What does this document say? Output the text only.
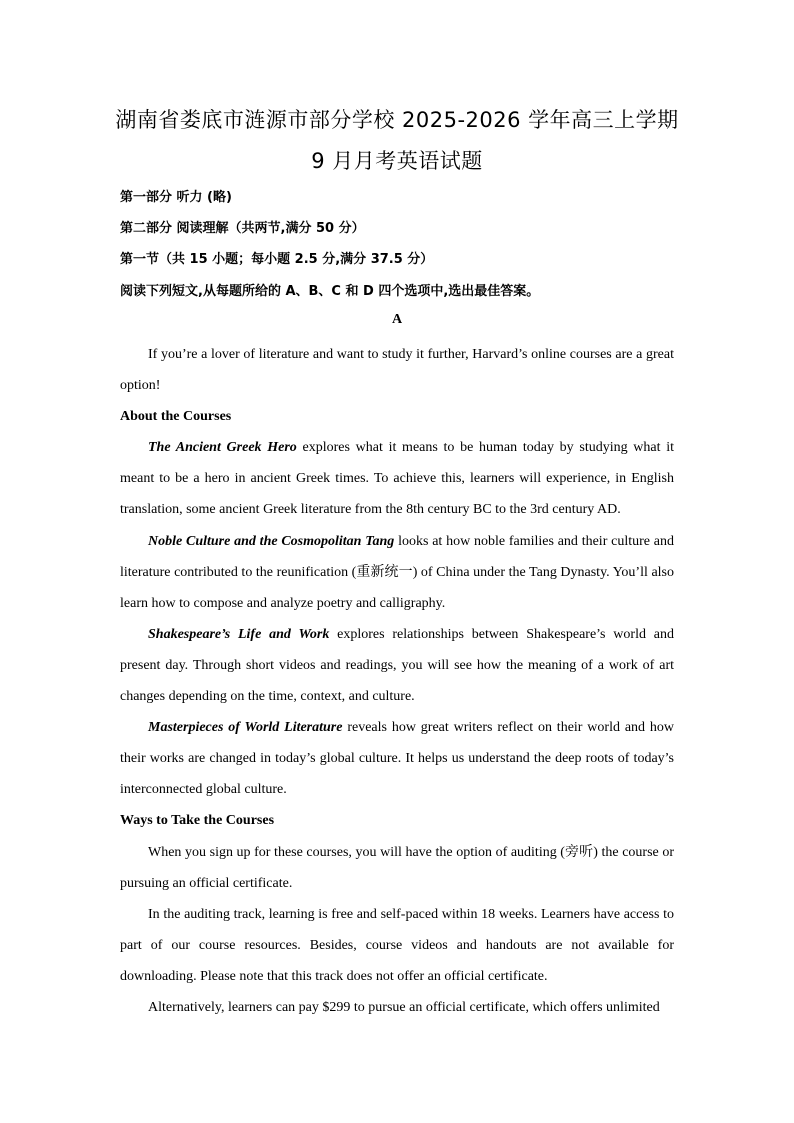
湖南省娄底市涟源市部分学校 2025-2026 学年高三上学期
9 月月考英语试题
第一部分 听力 (略)
第二部分 阅读理解（共两节,满分 50 分）
第一节（共 15 小题；每小题 2.5 分,满分 37.5 分）
阅读下列短文,从每题所给的 A、B、C 和 D 四个选项中,选出最佳答案。
A

If you’re a lover of literature and want to study it further, Harvard’s online courses are a great option!

About the Courses

The Ancient Greek Hero explores what it means to be human today by studying what it meant to be a hero in ancient Greek times. To achieve this, learners will experience, in English translation, some ancient Greek literature from the 8th century BC to the 3rd century AD.

Noble Culture and the Cosmopolitan Tang looks at how noble families and their culture and literature contributed to the reunification (重新统一) of China under the Tang Dynasty. You’ll also learn how to compose and analyze poetry and calligraphy.

Shakespeare’s Life and Work explores relationships between Shakespeare’s world and present day. Through short videos and readings, you will see how the meaning of a work of art changes depending on the time, context, and culture.

Masterpieces of World Literature reveals how great writers reflect on their world and how their works are changed in today’s global culture. It helps us understand the deep roots of today’s interconnected global culture.

Ways to Take the Courses

When you sign up for these courses, you will have the option of auditing (旁听) the course or pursuing an official certificate.

In the auditing track, learning is free and self-paced within 18 weeks. Learners have access to part of our course resources. Besides, course videos and handouts are not available for downloading. Please note that this track does not offer an official certificate.

Alternatively, learners can pay $299 to pursue an official certificate, which offers unlimited
